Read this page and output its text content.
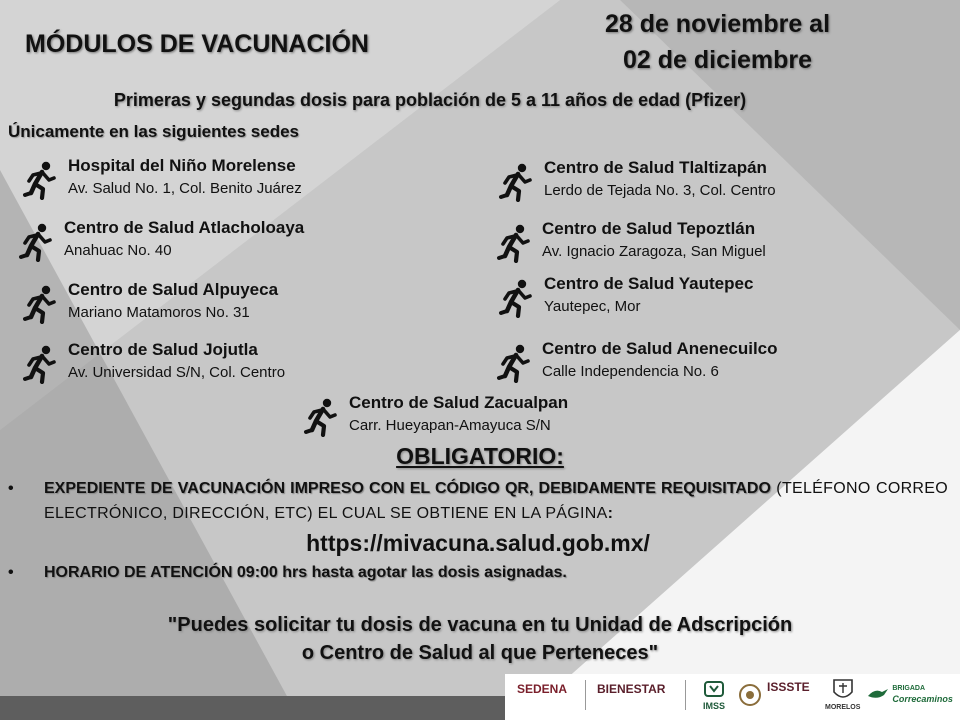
MÓDULOS DE VACUNACIÓN
28 de noviembre al
02 de diciembre
Primeras y segundas dosis para población de 5 a 11 años de edad (Pfizer)
Únicamente en las siguientes sedes
Hospital del Niño Morelense
Av. Salud No. 1, Col. Benito Juárez
Centro de Salud Atlacholoaya
Anahuac No. 40
Centro de Salud Alpuyeca
Mariano Matamoros No. 31
Centro de Salud Jojutla
Av. Universidad S/N, Col. Centro
Centro de Salud Tlaltizapán
Lerdo de Tejada No. 3, Col. Centro
Centro de Salud Tepoztlán
Av. Ignacio Zaragoza, San Miguel
Centro de Salud Yautepec
Yautepec, Mor
Centro de Salud Anenecuilco
Calle Independencia No. 6
Centro de Salud Zacualpan
Carr. Hueyapan-Amayuca S/N
OBLIGATORIO:
• EXPEDIENTE DE VACUNACIÓN IMPRESO CON EL CÓDIGO QR, DEBIDAMENTE REQUISITADO (TELÉFONO CORREO ELECTRÓNICO, DIRECCIÓN, ETC) EL CUAL SE OBTIENE EN LA PÁGINA:
https://mivacuna.salud.gob.mx/
• HORARIO DE ATENCIÓN 09:00 hrs hasta agotar las dosis asignadas.
"Puedes solicitar tu dosis de vacuna en tu Unidad de Adscripción
o Centro de Salud al que Perteneces"
SEDENA BIENESTAR
IMSS
ISSSTE
MORELOS

BRIGADA
Correcaminos
